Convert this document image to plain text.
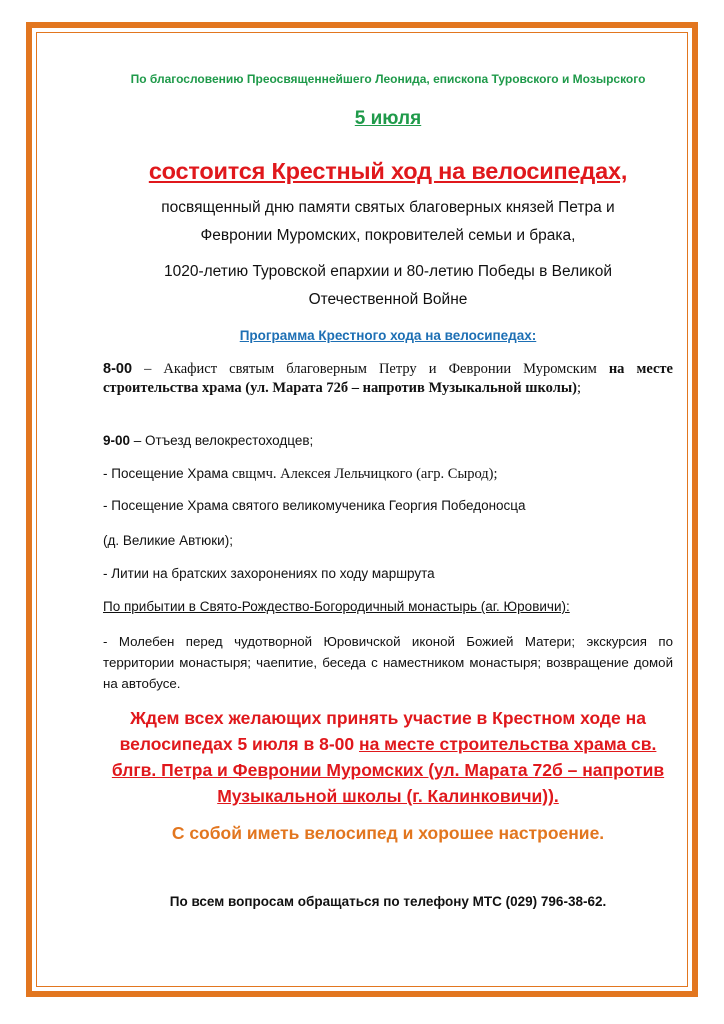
По благословению Преосвященнейшего Леонида, епископа Туровского и Мозырского
5 июля
состоится Крестный ход на велосипедах,
посвященный дню памяти святых благоверных князей Петра и
Февронии Муромских, покровителей семьи и брака,
1020-летию Туровской епархии и 80-летию Победы в Великой
Отечественной Войне
Программа Крестного хода на велосипедах:
8-00 – Акафист святым благоверным Петру и Февронии Муромским на месте строительства храма (ул. Марата 72б – напротив Музыкальной школы);
9-00 – Отъезд велокрестоходцев;
- Посещение Храма свщмч. Алексея Лельчицкого (агр. Сырод);
- Посещение Храма святого великомученика Георгия Победоносца
(д. Великие Автюки);
- Литии на братских захоронениях по ходу маршрута
По прибытии в Свято-Рождество-Богородичный монастырь (аг. Юровичи):
- Молебен перед чудотворной Юровичской иконой Божией Матери; экскурсия по территории монастыря; чаепитие, беседа с наместником монастыря; возвращение домой на автобусе.
Ждем всех желающих принять участие в Крестном ходе на велосипедах 5 июля в 8-00 на месте строительства храма св. блгв. Петра и Февронии Муромских (ул. Марата 72б – напротив Музыкальной школы (г. Калинковичи)).
С собой иметь велосипед и хорошее настроение.
По всем вопросам обращаться по телефону МТС (029) 796-38-62.
